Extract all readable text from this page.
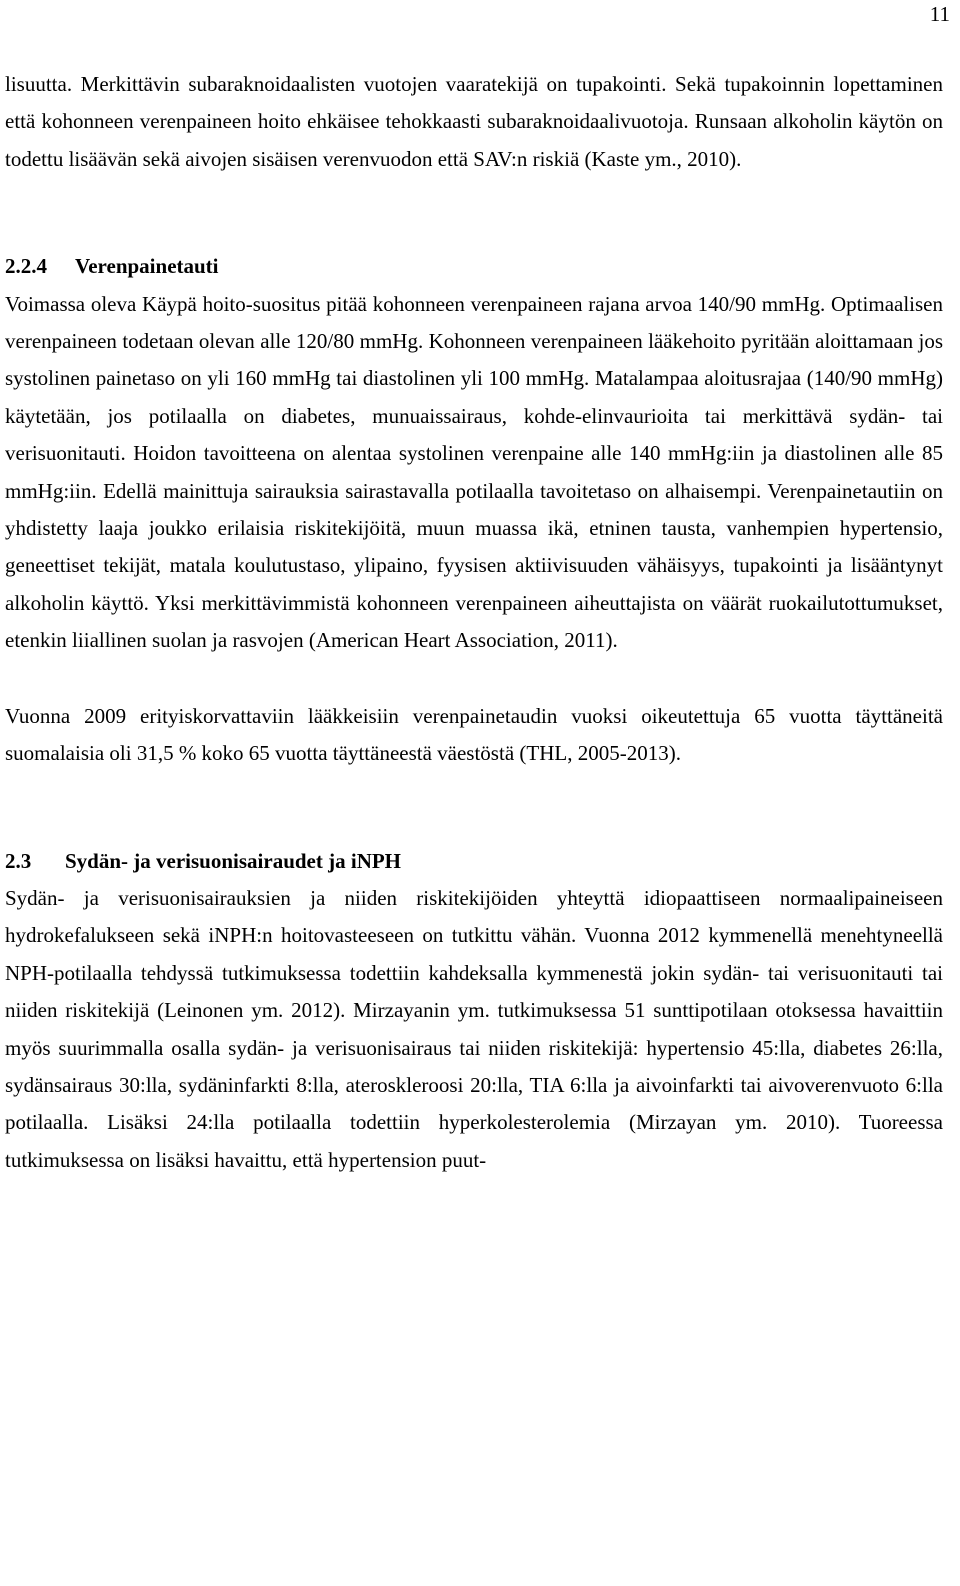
11

lisuutta. Merkittävin subaraknoidaalisten vuotojen vaaratekijä on tupakointi. Sekä tupakoinnin lopettaminen että kohonneen verenpaineen hoito ehkäisee tehokkaasti subaraknoidaalivuotoja. Runsaan alkoholin käytön on todettu lisäävän sekä aivojen sisäisen verenvuodon että SAV:n riskiä (Kaste ym., 2010).

2.2.4	Verenpainetauti

Voimassa oleva Käypä hoito-suositus pitää kohonneen verenpaineen rajana arvoa 140/90 mmHg. Optimaalisen verenpaineen todetaan olevan alle 120/80 mmHg. Kohonneen verenpaineen lääkehoito pyritään aloittamaan jos systolinen painetaso on yli 160 mmHg tai diastolinen yli 100 mmHg. Matalampaa aloitusrajaa (140/90 mmHg) käytetään, jos potilaalla on diabetes, munuaissairaus, kohde-elinvaurioita tai merkittävä sydän- tai verisuonitauti. Hoidon tavoitteena on alentaa systolinen verenpaine alle 140 mmHg:iin ja diastolinen alle 85 mmHg:iin. Edellä mainittuja sairauksia sairastavalla potilaalla tavoitetaso on alhaisempi. Verenpainetautiin on yhdistetty laaja joukko erilaisia riskitekijöitä, muun muassa ikä, etninen tausta, vanhempien hypertensio, geneettiset tekijät, matala koulutustaso, ylipaino, fyysisen aktiivisuuden vähäisyys, tupakointi ja lisääntynyt alkoholin käyttö. Yksi merkittävimmistä kohonneen verenpaineen aiheuttajista on väärät ruokailutottumukset, etenkin liiallinen suolan ja rasvojen (American Heart Association, 2011).

Vuonna 2009 erityiskorvattaviin lääkkeisiin verenpainetaudin vuoksi oikeutettuja 65 vuotta täyttäneitä suomalaisia oli 31,5 % koko 65 vuotta täyttäneestä väestöstä (THL, 2005-2013).

2.3	Sydän- ja verisuonisairaudet ja iNPH

Sydän- ja verisuonisairauksien ja niiden riskitekijöiden yhteyttä idiopaattiseen normaalipaineiseen hydrokefalukseen sekä iNPH:n hoitovasteeseen on tutkittu vähän. Vuonna 2012 kymmenellä menehtyneellä NPH-potilaalla tehdyssä tutkimuksessa todettiin kahdeksalla kymmenestä jokin sydän- tai verisuonitauti tai niiden riskitekijä (Leinonen ym. 2012). Mirzayanin ym. tutkimuksessa 51 sunttipotilaan otoksessa havaittiin myös suurimmalla osalla sydän- ja verisuonisairaus tai niiden riskitekijä: hypertensio 45:lla, diabetes 26:lla, sydänsairaus 30:lla, sydäninfarkti 8:lla, ateroskleroosi 20:lla, TIA 6:lla ja aivoinfarkti tai aivoverenvuoto 6:lla potilaalla. Lisäksi 24:lla potilaalla todettiin hyperkolesterolemia (Mirzayan ym. 2010). Tuoreessa tutkimuksessa on lisäksi havaittu, että hypertension puut-
